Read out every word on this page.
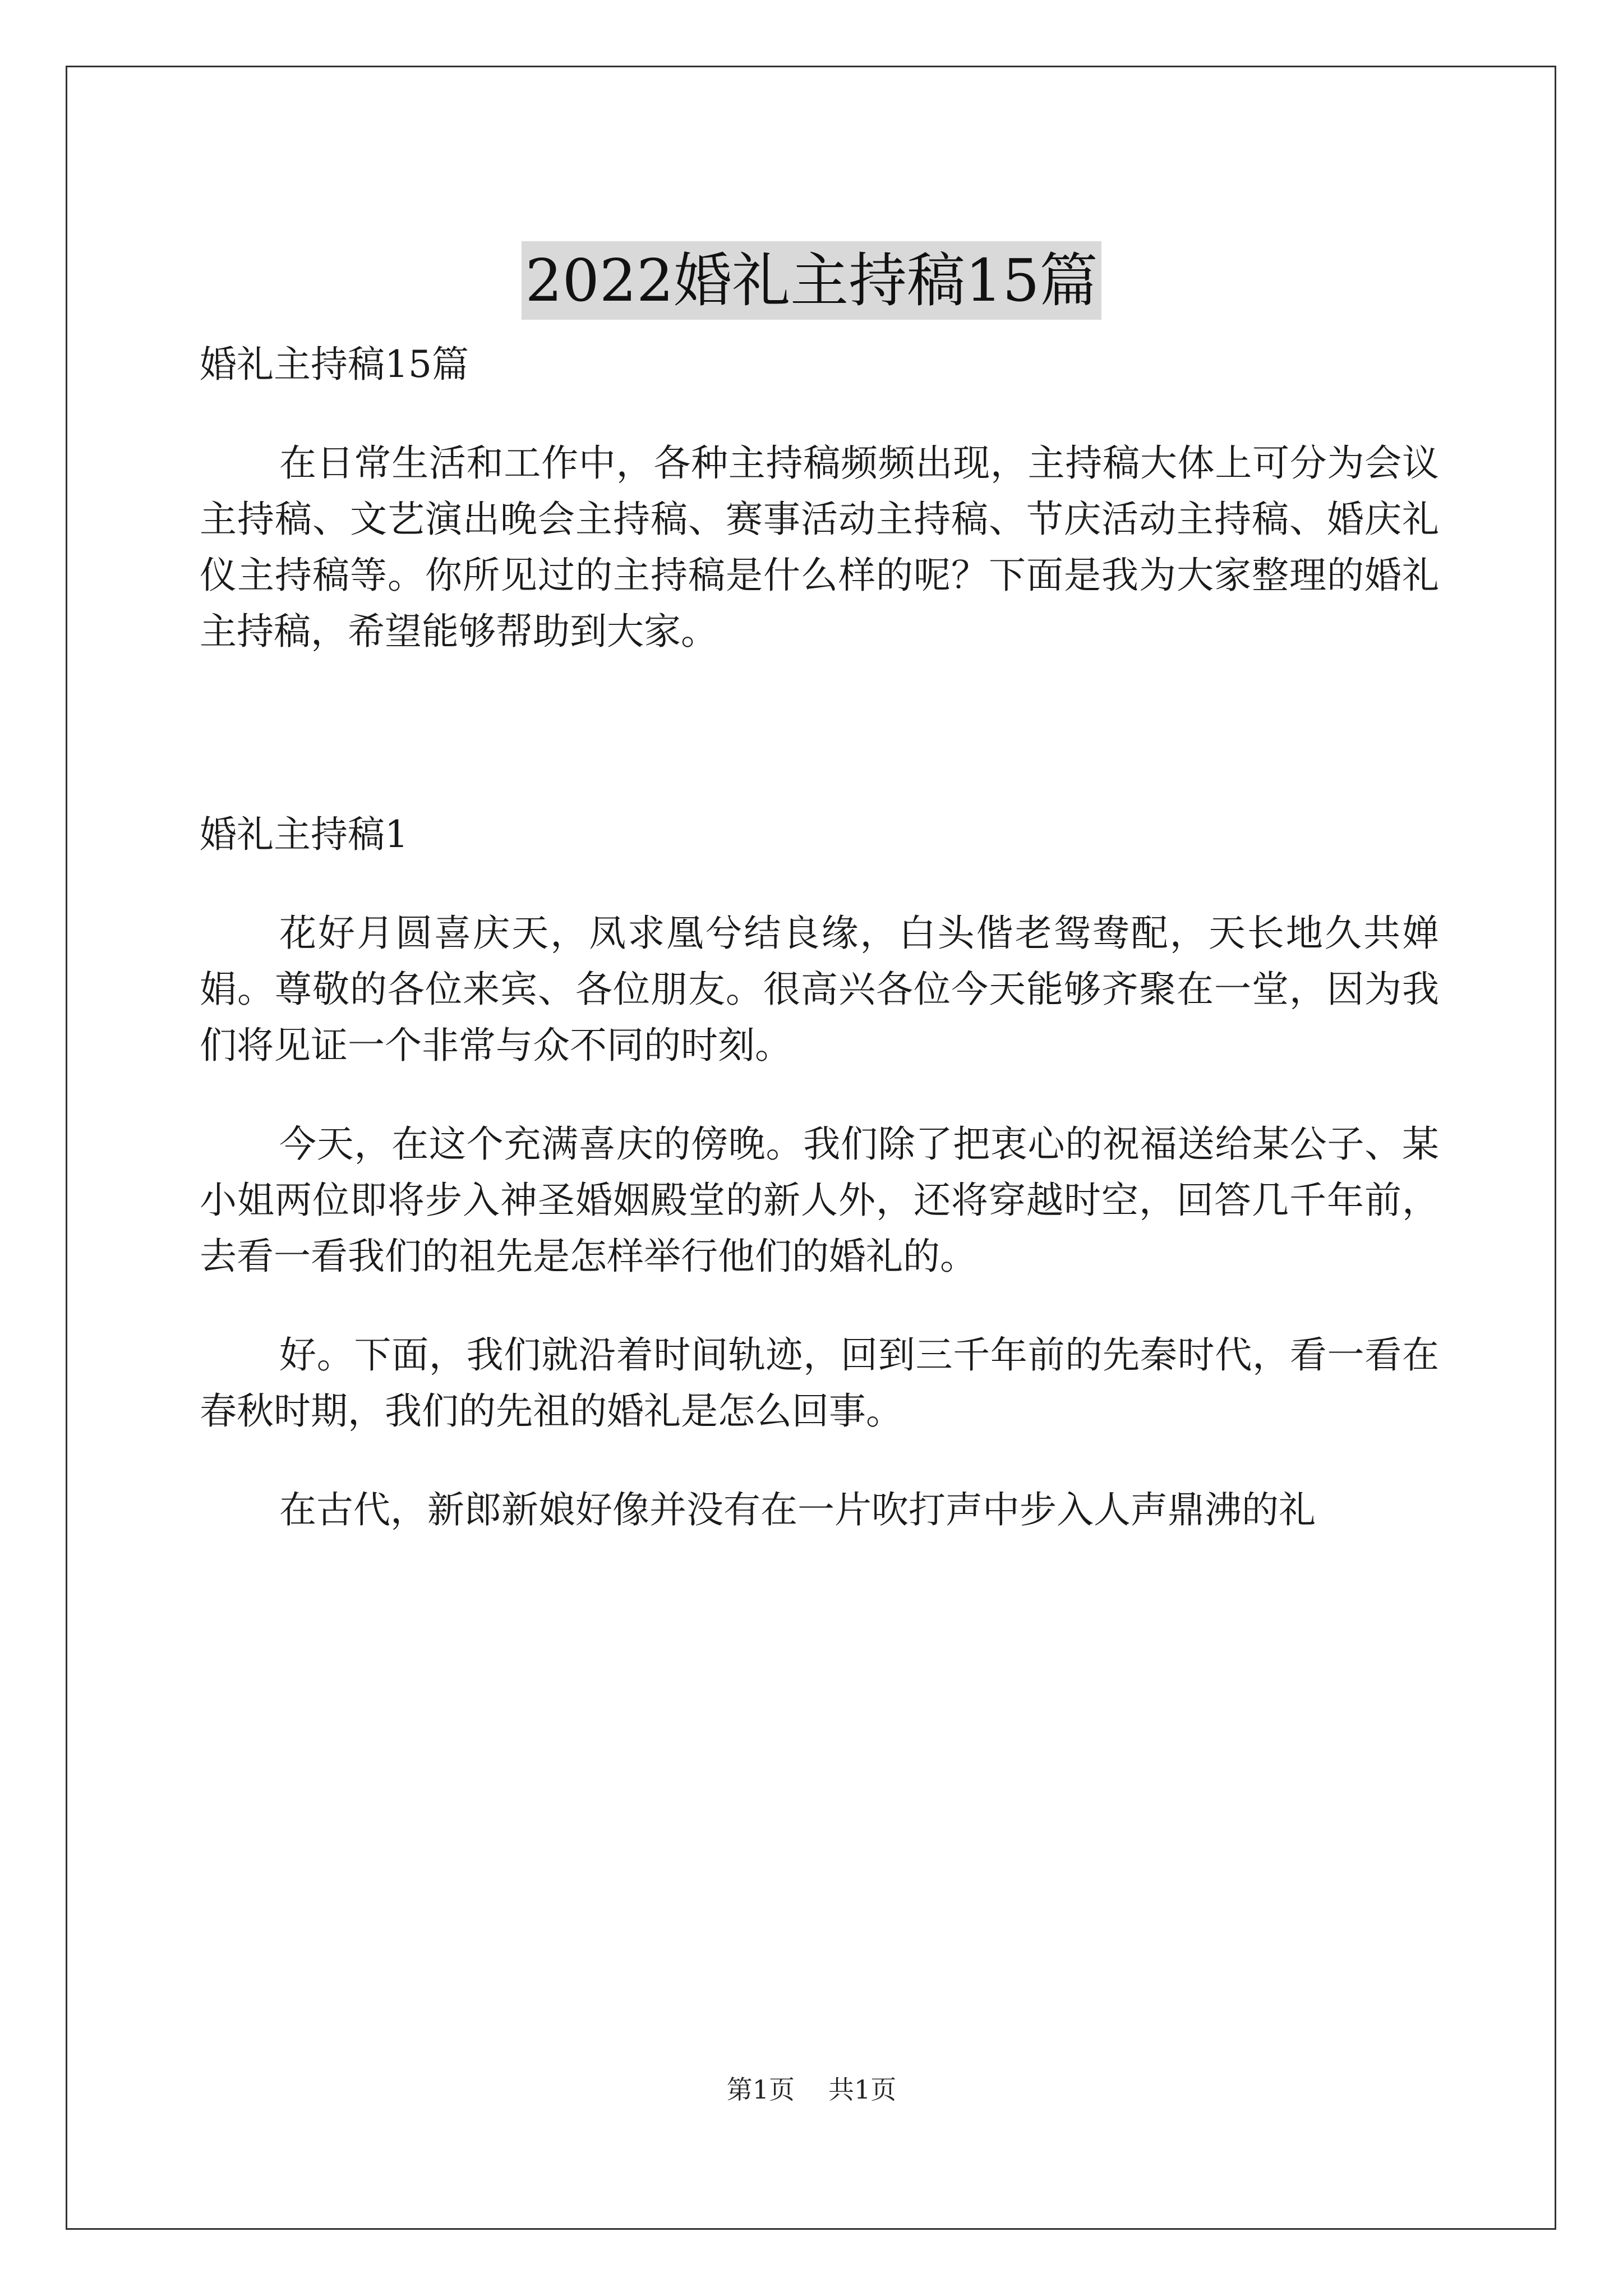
2022婚礼主持稿15篇
婚礼主持稿15篇

在日常生活和工作中，各种主持稿频频出现，主持稿大体上可分为会议主持稿、文艺演出晚会主持稿、赛事活动主持稿、节庆活动主持稿、婚庆礼仪主持稿等。你所见过的主持稿是什么样的呢？下面是我为大家整理的婚礼主持稿，希望能够帮助到大家。

婚礼主持稿1

花好月圆喜庆天，凤求凰兮结良缘，白头偕老鸳鸯配，天长地久共婵娟。尊敬的各位来宾、各位朋友。很高兴各位今天能够齐聚在一堂，因为我们将见证一个非常与众不同的时刻。

今天，在这个充满喜庆的傍晚。我们除了把衷心的祝福送给某公子、某小姐两位即将步入神圣婚姻殿堂的新人外，还将穿越时空，回答几千年前，去看一看我们的祖先是怎样举行他们的婚礼的。

好。下面，我们就沿着时间轨迹，回到三千年前的先秦时代，看一看在春秋时期，我们的先祖的婚礼是怎么回事。

在古代，新郎新娘好像并没有在一片吹打声中步入人声鼎沸的礼

第1页 共1页
